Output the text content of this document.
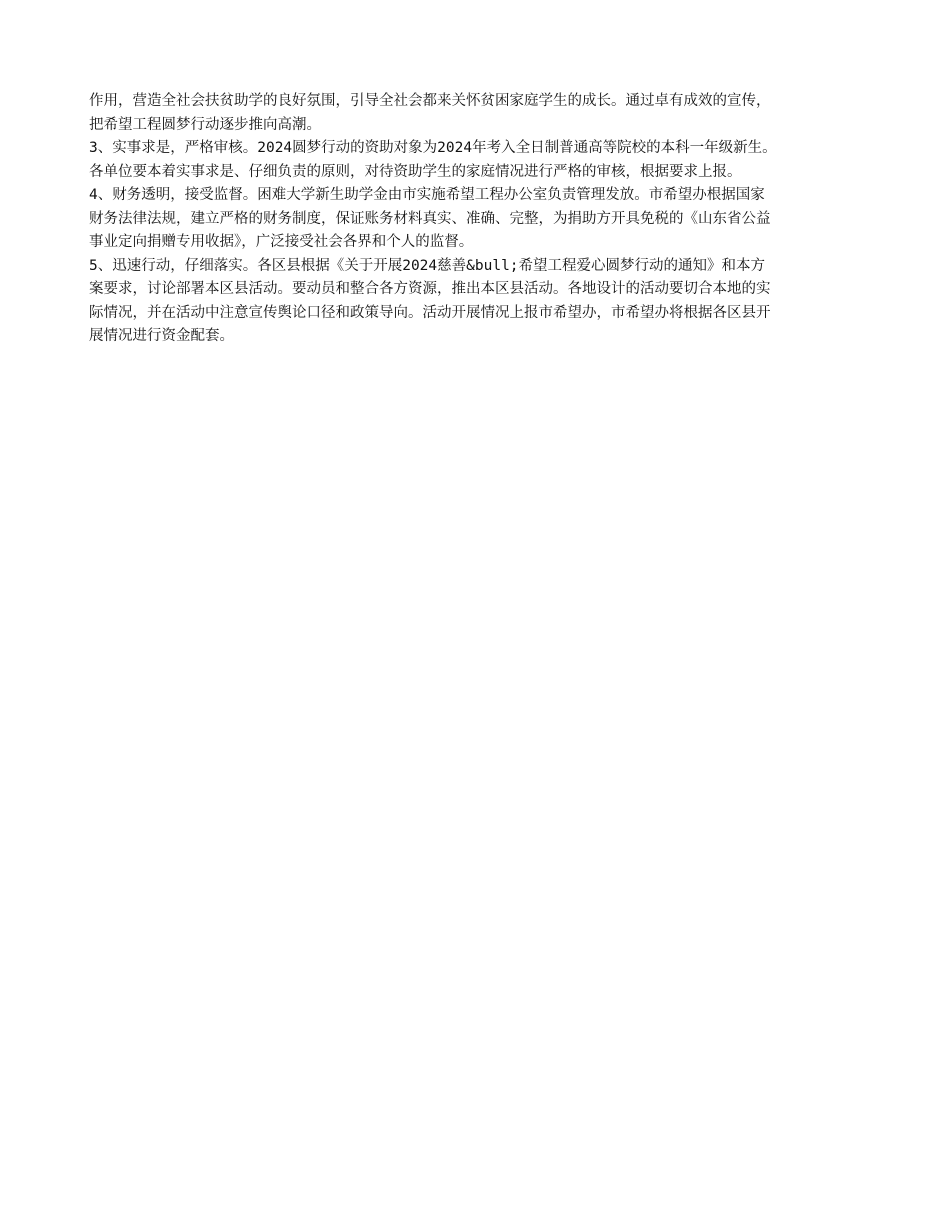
作用，营造全社会扶贫助学的良好氛围，引导全社会都来关怀贫困家庭学生的成长。通过卓有成效的宣传，
把希望工程圆梦行动逐步推向高潮。
3、实事求是，严格审核。2024圆梦行动的资助对象为2024年考入全日制普通高等院校的本科一年级新生。
各单位要本着实事求是、仔细负责的原则，对待资助学生的家庭情况进行严格的审核，根据要求上报。
4、财务透明，接受监督。困难大学新生助学金由市实施希望工程办公室负责管理发放。市希望办根据国家
财务法律法规，建立严格的财务制度，保证账务材料真实、准确、完整，为捐助方开具免税的《山东省公益
事业定向捐赠专用收据》，广泛接受社会各界和个人的监督。
5、迅速行动，仔细落实。各区县根据《关于开展2024慈善&bull;希望工程爱心圆梦行动的通知》和本方
案要求，讨论部署本区县活动。要动员和整合各方资源，推出本区县活动。各地设计的活动要切合本地的实
际情况，并在活动中注意宣传舆论口径和政策导向。活动开展情况上报市希望办，市希望办将根据各区县开
展情况进行资金配套。
